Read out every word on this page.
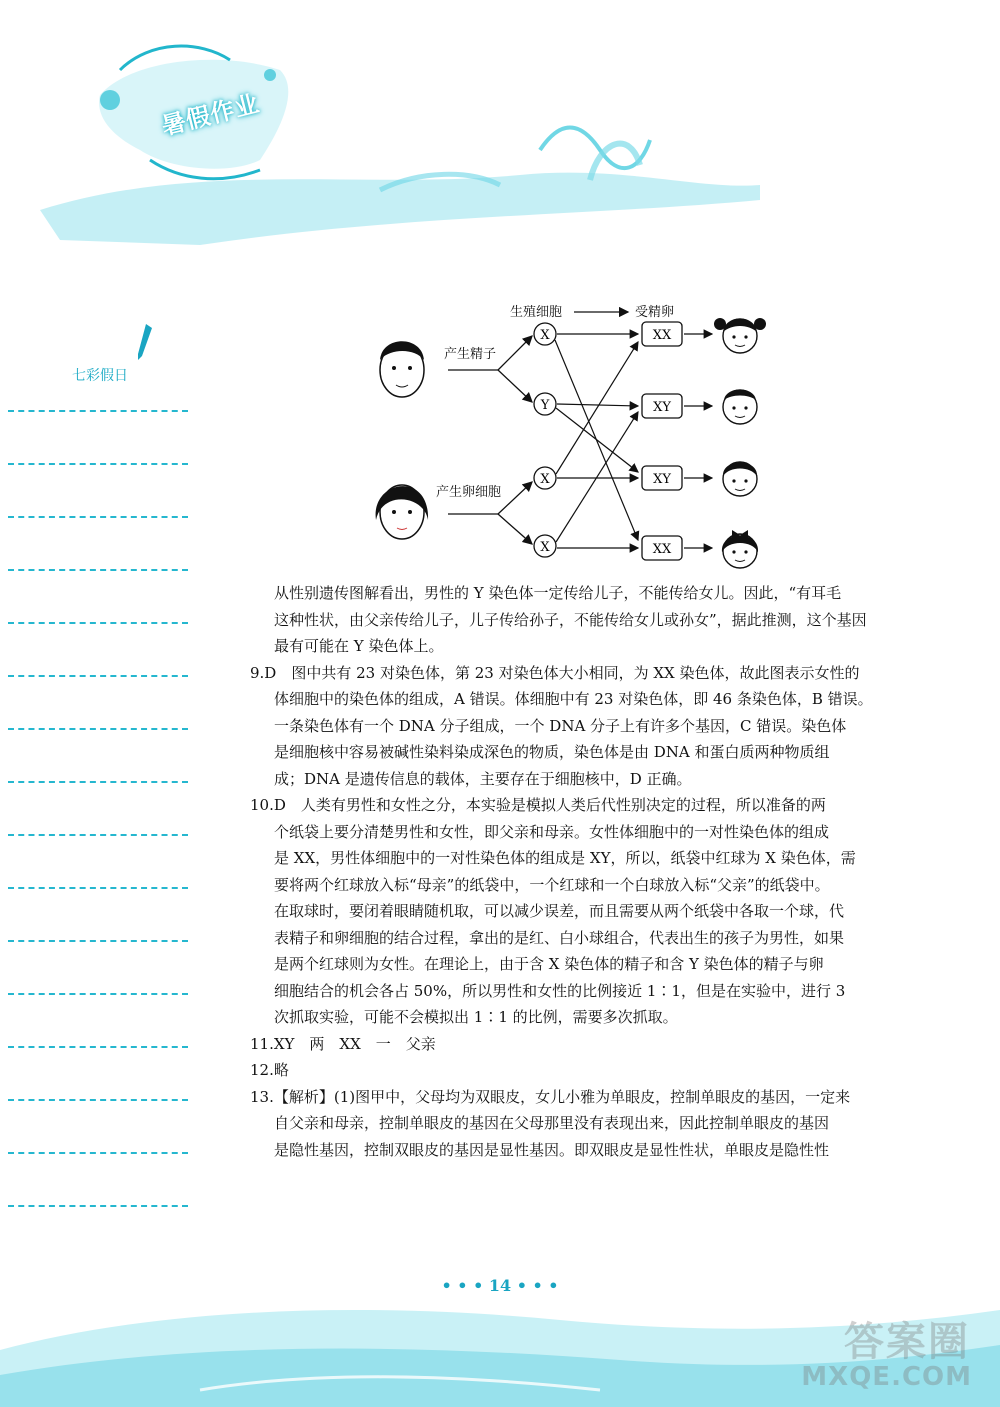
暑假作业
七彩假日
生殖细胞	受精卵
产生精子
产生卵细胞
X
Y
X
X
XX
XY
XY
XX

从性别遗传图解看出，男性的 Y 染色体一定传给儿子，不能传给女儿。因此，“有耳毛

这种性状，由父亲传给儿子，儿子传给孙子，不能传给女儿或孙女”，据此推测，这个基因

最有可能在 Y 染色体上。

9.D　图中共有 23 对染色体，第 23 对染色体大小相同，为 XX 染色体，故此图表示女性的

体细胞中的染色体的组成，A 错误。体细胞中有 23 对染色体，即 46 条染色体，B 错误。

一条染色体有一个 DNA 分子组成，一个 DNA 分子上有许多个基因，C 错误。染色体

是细胞核中容易被碱性染料染成深色的物质，染色体是由 DNA 和蛋白质两种物质组

成；DNA 是遗传信息的载体，主要存在于细胞核中，D 正确。

10.D　人类有男性和女性之分，本实验是模拟人类后代性别决定的过程，所以准备的两

个纸袋上要分清楚男性和女性，即父亲和母亲。女性体细胞中的一对性染色体的组成

是 XX，男性体细胞中的一对性染色体的组成是 XY，所以，纸袋中红球为 X 染色体，需

要将两个红球放入标“母亲”的纸袋中，一个红球和一个白球放入标“父亲”的纸袋中。

在取球时，要闭着眼睛随机取，可以减少误差，而且需要从两个纸袋中各取一个球，代

表精子和卵细胞的结合过程，拿出的是红、白小球组合，代表出生的孩子为男性，如果

是两个红球则为女性。在理论上，由于含 X 染色体的精子和含 Y 染色体的精子与卵

细胞结合的机会各占 50%，所以男性和女性的比例接近 1∶1，但是在实验中，进行 3

次抓取实验，可能不会模拟出 1∶1 的比例，需要多次抓取。

11.XY　两　XX　一　父亲

12.略

13.【解析】(1)图甲中，父母均为双眼皮，女儿小雅为单眼皮，控制单眼皮的基因，一定来

自父亲和母亲，控制单眼皮的基因在父母那里没有表现出来，因此控制单眼皮的基因

是隐性基因，控制双眼皮的基因是显性基因。即双眼皮是显性性状，单眼皮是隐性性

• • • 14 • • •
答案圈
MXQE.COM
